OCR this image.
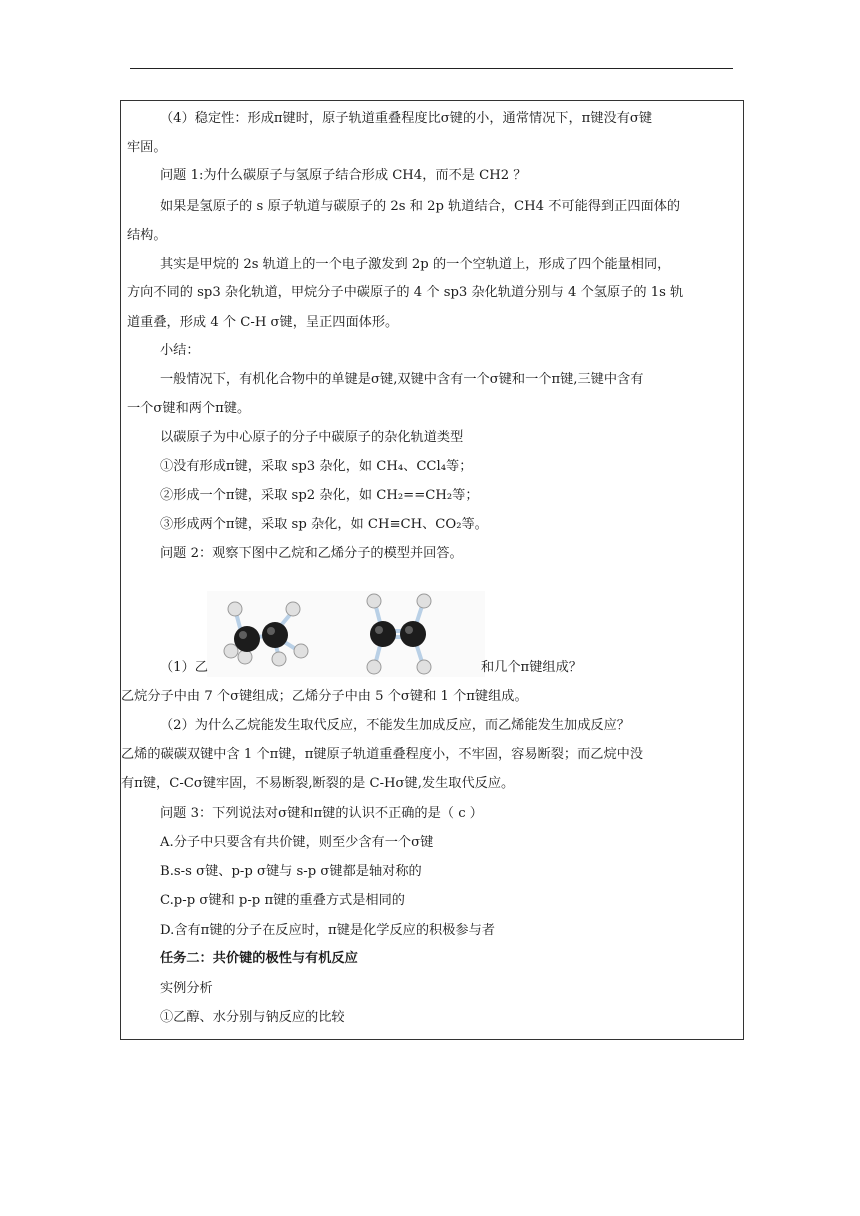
（4）稳定性：形成π键时，原子轨道重叠程度比σ键的小，通常情况下，π键没有σ键
牢固。
问题 1:为什么碳原子与氢原子结合形成 CH4，而不是 CH2 ？
如果是氢原子的 s 原子轨道与碳原子的 2s 和 2p 轨道结合，CH4 不可能得到正四面体的
结构。
其实是甲烷的 2s 轨道上的一个电子激发到 2p 的一个空轨道上，形成了四个能量相同，
方向不同的 sp3 杂化轨道，甲烷分子中碳原子的 4 个 sp3 杂化轨道分别与 4 个氢原子的 1s 轨
道重叠，形成 4 个 C-H σ键，呈正四面体形。
小结：
一般情况下，有机化合物中的单键是σ键,双键中含有一个σ键和一个π键,三键中含有
一个σ键和两个π键。
以碳原子为中心原子的分子中碳原子的杂化轨道类型
①没有形成π键，采取 sp3 杂化，如 CH₄、CCl₄等；
②形成一个π键，采取 sp2 杂化，如 CH₂==CH₂等；
③形成两个π键，采取 sp 杂化，如 CH≡CH、CO₂等。
问题 2：观察下图中乙烷和乙烯分子的模型并回答。
（1）乙	和几个π键组成？
乙烷分子中由 7 个σ键组成；乙烯分子中由 5 个σ键和 1 个π键组成。
（2）为什么乙烷能发生取代反应，不能发生加成反应，而乙烯能发生加成反应？
乙烯的碳碳双键中含 1 个π键，π键原子轨道重叠程度小，不牢固，容易断裂；而乙烷中没
有π键，C-Cσ键牢固，不易断裂,断裂的是 C-Hσ键,发生取代反应。
问题 3：下列说法对σ键和π键的认识不正确的是（ c ）
A.分子中只要含有共价键，则至少含有一个σ键
B.s-s σ键、p-p σ键与 s-p σ键都是轴对称的
C.p-p σ键和 p-p π键的重叠方式是相同的
D.含有π键的分子在反应时，π键是化学反应的积极参与者
任务二：共价键的极性与有机反应
实例分析
①乙醇、水分别与钠反应的比较
